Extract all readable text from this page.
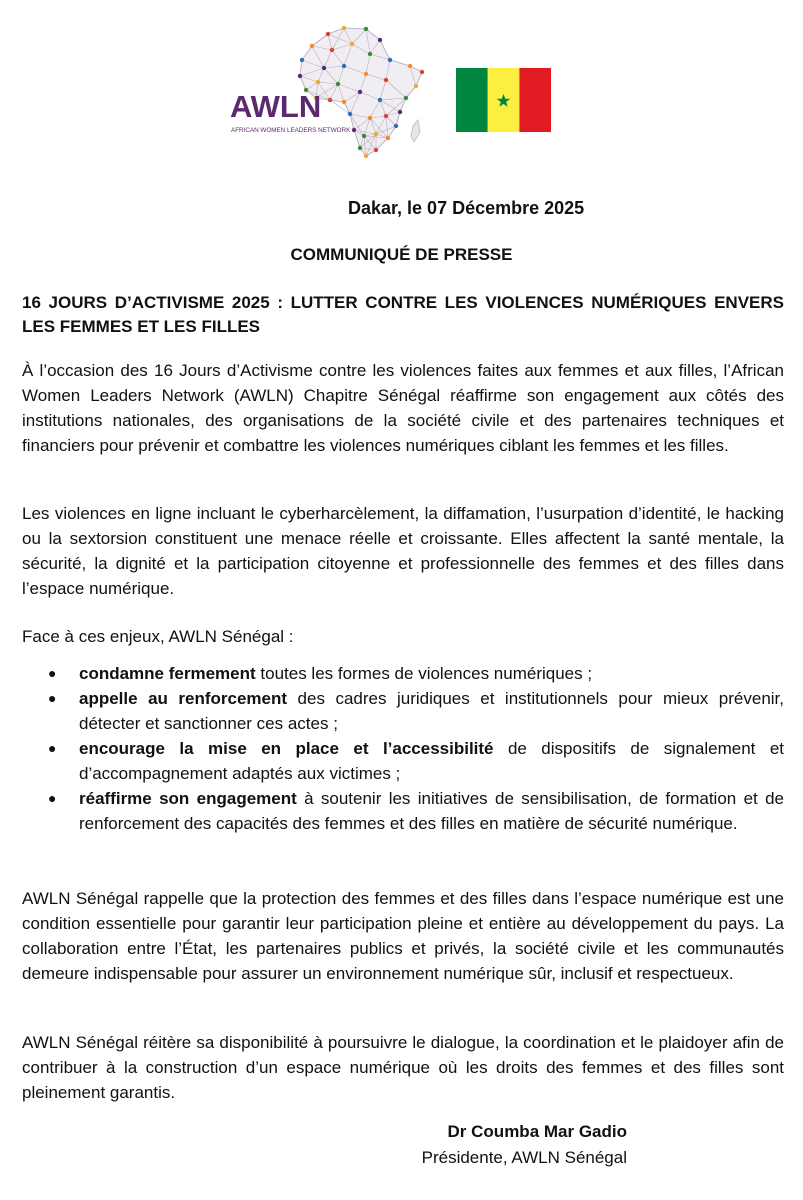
AWLN
AFRICAN WOMEN LEADERS NETWORK
Dakar, le 07 Décembre 2025
COMMUNIQUÉ DE PRESSE
16 JOURS D’ACTIVISME 2025 : LUTTER CONTRE LES VIOLENCES NUMÉRIQUES ENVERS LES FEMMES ET LES FILLES

À l’occasion des 16 Jours d’Activisme contre les violences faites aux femmes et aux filles, l’African Women Leaders Network (AWLN) Chapitre Sénégal réaffirme son engagement aux côtés des institutions nationales, des organisations de la société civile et des partenaires techniques et financiers pour prévenir et combattre les violences numériques ciblant les femmes et les filles.

Les violences en ligne incluant le cyberharcèlement, la diffamation, l’usurpation d’identité, le hacking ou la sextorsion constituent une menace réelle et croissante. Elles affectent la santé mentale, la sécurité, la dignité et la participation citoyenne et professionnelle des femmes et des filles dans l’espace numérique.

Face à ces enjeux, AWLN Sénégal :

● condamne fermement toutes les formes de violences numériques ;
● appelle au renforcement des cadres juridiques et institutionnels pour mieux prévenir, détecter et sanctionner ces actes ;
● encourage la mise en place et l’accessibilité de dispositifs de signalement et d’accompagnement adaptés aux victimes ;
● réaffirme son engagement à soutenir les initiatives de sensibilisation, de formation et de renforcement des capacités des femmes et des filles en matière de sécurité numérique.

AWLN Sénégal rappelle que la protection des femmes et des filles dans l’espace numérique est une condition essentielle pour garantir leur participation pleine et entière au développement du pays. La collaboration entre l’État, les partenaires publics et privés, la société civile et les communautés demeure indispensable pour assurer un environnement numérique sûr, inclusif et respectueux.

AWLN Sénégal réitère sa disponibilité à poursuivre le dialogue, la coordination et le plaidoyer afin de contribuer à la construction d’un espace numérique où les droits des femmes et des filles sont pleinement garantis.

Dr Coumba Mar Gadio
Présidente, AWLN Sénégal
